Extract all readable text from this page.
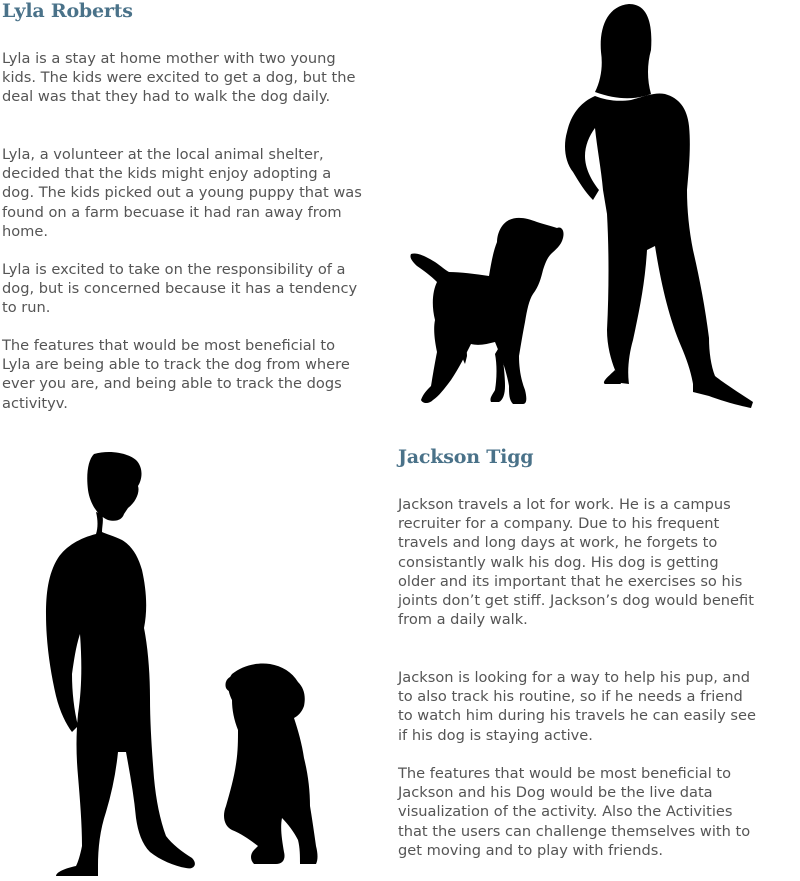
Lyla Roberts

Lyla is a stay at home mother with two young kids. The kids were excited to get a dog, but the deal was that they had to walk the dog daily.

Lyla, a volunteer at the local animal shelter, decided that the kids might enjoy adopting a dog. The kids picked out a young puppy that was found on a farm becuase it had ran away from home.

Lyla is excited to take on the responsibility of a dog, but is concerned because it has a tendency to run.

The features that would be most beneficial to Lyla are being able to track the dog from where ever you are, and being able to track the dogs activityv.

Jackson Tigg

Jackson travels a lot for work. He is a campus recruiter for a company. Due to his frequent travels and long days at work, he forgets to consistantly walk his dog. His dog is getting older and its important that he exercises so his joints don’t get stiff. Jackson’s dog would benefit from a daily walk.

Jackson is looking for a way to help his pup, and to also track his routine, so if he needs a friend to watch him during his travels he can easily see if his dog is staying active.

The features that would be most beneficial to Jackson and his Dog would be the live data visualization of the activity. Also the Activities that the users can challenge themselves with to get moving and to play with friends.
